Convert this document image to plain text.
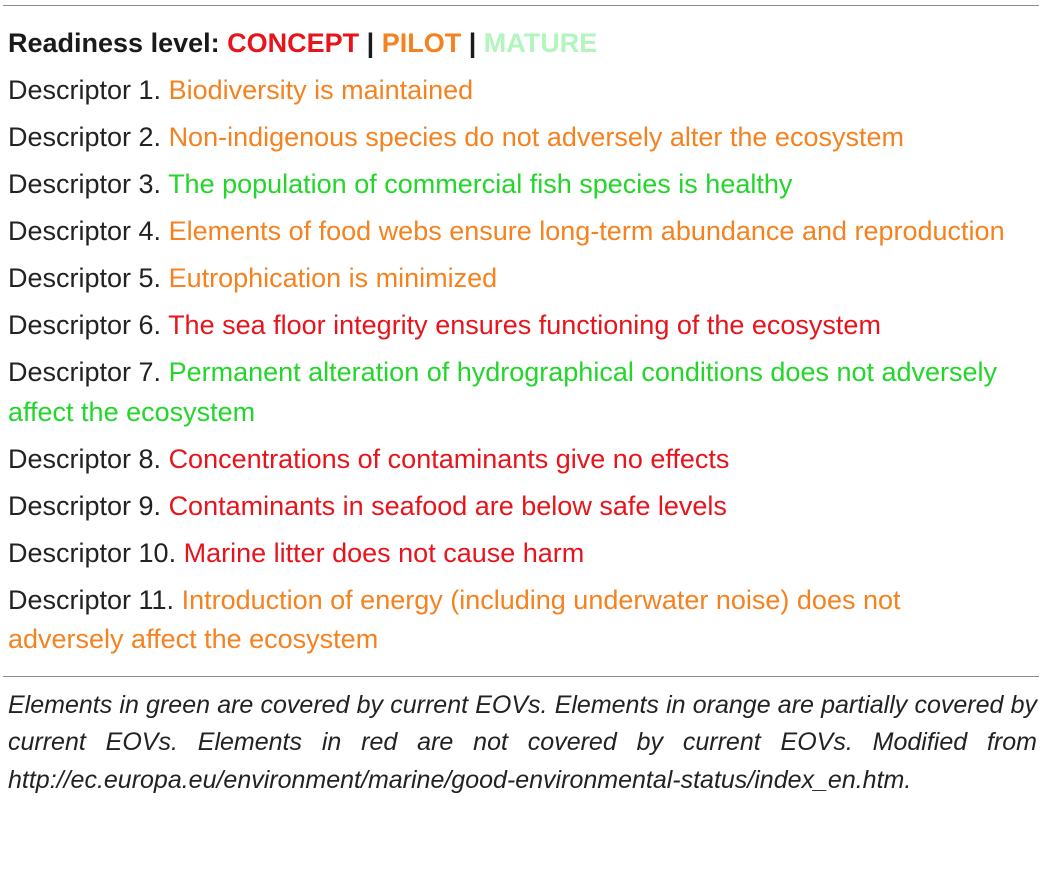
Readiness level: CONCEPT | PILOT | MATURE
Descriptor 1. Biodiversity is maintained
Descriptor 2. Non-indigenous species do not adversely alter the ecosystem
Descriptor 3. The population of commercial fish species is healthy
Descriptor 4. Elements of food webs ensure long-term abundance and reproduction
Descriptor 5. Eutrophication is minimized
Descriptor 6. The sea floor integrity ensures functioning of the ecosystem
Descriptor 7. Permanent alteration of hydrographical conditions does not adversely affect the ecosystem
Descriptor 8. Concentrations of contaminants give no effects
Descriptor 9. Contaminants in seafood are below safe levels
Descriptor 10. Marine litter does not cause harm
Descriptor 11. Introduction of energy (including underwater noise) does not adversely affect the ecosystem
Elements in green are covered by current EOVs. Elements in orange are partially covered by current EOVs. Elements in red are not covered by current EOVs. Modified from http://ec.europa.eu/environment/marine/good-environmental-status/index_en.htm.
